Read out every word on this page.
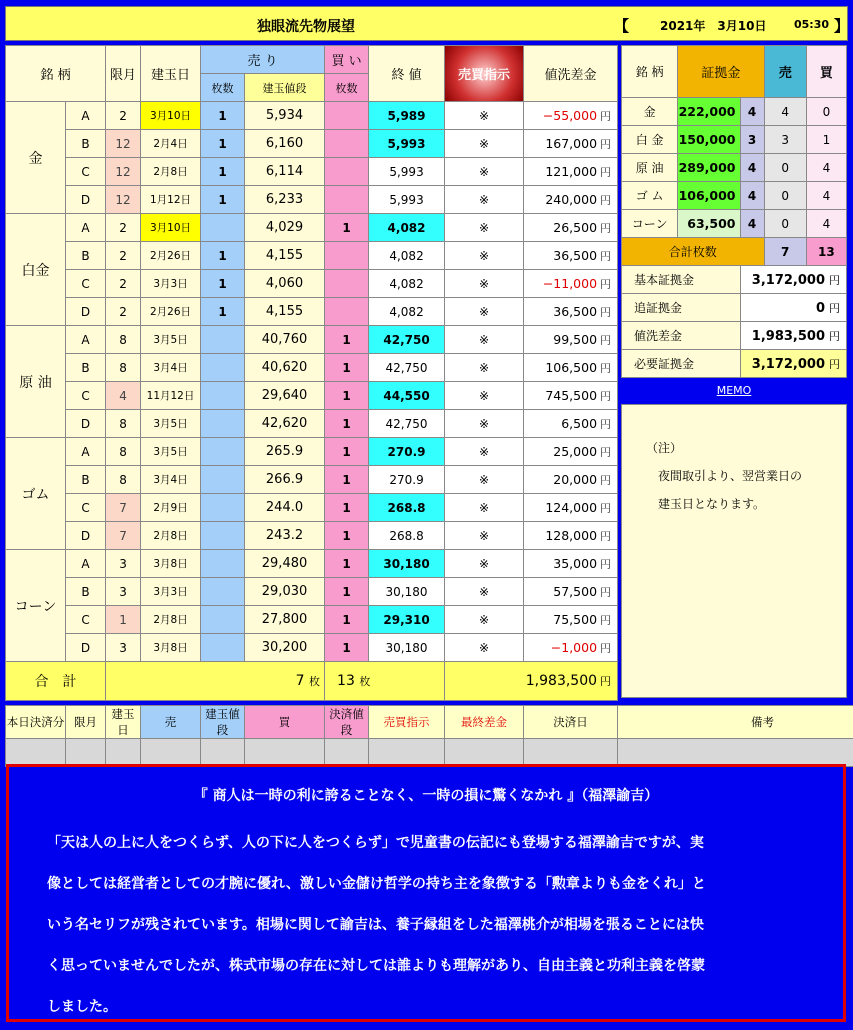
独眼流先物展望	【	2021年　3月10日	05:30 】
銘 柄		限月	建玉日	売 り		買 い	終 値	売買指示	値洗差金
				枚数	建玉値段	枚数			
金	A	2	3月10日	1	5,934		5,989	※	−55,000 円
	B	12	2月4日	1	6,160		5,993	※	167,000 円
	C	12	2月8日	1	6,114		5,993	※	121,000 円
	D	12	1月12日	1	6,233		5,993	※	240,000 円
白金	A	2	3月10日		4,029	1	4,082	※	26,500 円
	B	2	2月26日	1	4,155		4,082	※	36,500 円
	C	2	3月3日	1	4,060		4,082	※	−11,000 円
	D	2	2月26日	1	4,155		4,082	※	36,500 円
原 油	A	8	3月5日		40,760	1	42,750	※	99,500 円
	B	8	3月4日		40,620	1	42,750	※	106,500 円
	C	4	11月12日		29,640	1	44,550	※	745,500 円
	D	8	3月5日		42,620	1	42,750	※	6,500 円
ゴム	A	8	3月5日		265.9	1	270.9	※	25,000 円
	B	8	3月4日		266.9	1	270.9	※	20,000 円
	C	7	2月9日		244.0	1	268.8	※	124,000 円
	D	7	2月8日		243.2	1	268.8	※	128,000 円
コーン	A	3	3月8日		29,480	1	30,180	※	35,000 円
	B	3	3月3日		29,030	1	30,180	※	57,500 円
	C	1	2月8日		27,800	1	29,310	※	75,500 円
	D	3	3月8日		30,200	1	30,180	※	−1,000 円
合　計		7 枚				13 枚		1,983,500 円	
銘 柄	証拠金		売	買
金	222,000	4	4	0
白 金	150,000	3	3	1
原 油	289,000	4	0	4
ゴ ム	106,000	4	0	4
コーン	63,500	4	0	4
合計枚数			7	13
基本証拠金		3,172,000 円		
追証拠金		0 円		
値洗差金		1,983,500 円		
必要証拠金		3,172,000 円		
MEMO
（注）
夜間取引より、翌営業日の
建玉日となります。
本日決済分	限月	建玉日	売	建玉値段	買	決済値段	売買指示	最終差金	決済日	備考

『 商人は一時の利に誇ることなく、一時の損に驚くなかれ 』（福澤諭吉）
「天は人の上に人をつくらず、人の下に人をつくらず」で児童書の伝記にも登場する福澤諭吉ですが、実
像としては経営者としての才腕に優れ、激しい金儲け哲学の持ち主を象徴する「勲章よりも金をくれ」と
いう名セリフが残されています。相場に関して諭吉は、養子縁組をした福澤桃介が相場を張ることには快
く思っていませんでしたが、株式市場の存在に対しては誰よりも理解があり、自由主義と功利主義を啓蒙
しました。
